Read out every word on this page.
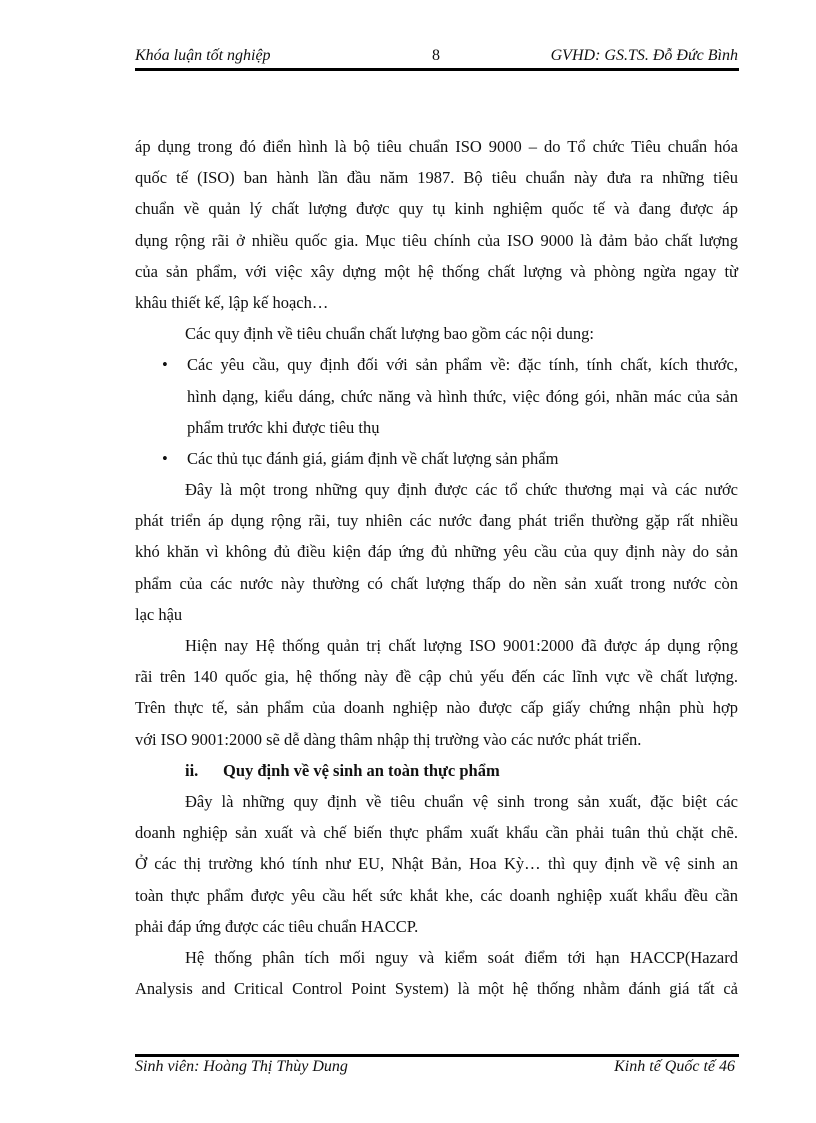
Khóa luận tốt nghiệp	8	GVHD: GS.TS. Đỗ Đức Bình
áp dụng trong đó điển hình là bộ tiêu chuẩn ISO 9000 – do Tổ chức Tiêu chuẩn hóa
quốc tế (ISO) ban hành lần đầu năm 1987. Bộ tiêu chuẩn này đưa ra những tiêu
chuẩn về quản lý chất lượng được quy tụ kinh nghiệm quốc tế và đang được áp
dụng rộng rãi ở nhiều quốc gia. Mục tiêu chính của ISO 9000 là đảm bảo chất lượng
của sản phẩm, với việc xây dựng một hệ thống chất lượng và phòng ngừa ngay từ
khâu thiết kế, lập kế hoạch…
Các quy định về tiêu chuẩn chất lượng bao gồm các nội dung:
• Các yêu cầu, quy định đối với sản phẩm về: đặc tính, tính chất, kích thước,
hình dạng, kiểu dáng, chức năng và hình thức, việc đóng gói, nhãn mác của sản
phẩm trước khi được tiêu thụ
• Các thủ tục đánh giá, giám định về chất lượng sản phẩm
Đây là một trong những quy định được các tổ chức thương mại và các nước
phát triển áp dụng rộng rãi, tuy nhiên các nước đang phát triển thường gặp rất nhiều
khó khăn vì không đủ điều kiện đáp ứng đủ những yêu cầu của quy định này do sản
phẩm của các nước này thường có chất lượng thấp do nền sản xuất trong nước còn
lạc hậu
Hiện nay Hệ thống quản trị chất lượng ISO 9001:2000 đã được áp dụng rộng
rãi trên 140 quốc gia, hệ thống này đề cập chủ yếu đến các lĩnh vực về chất lượng.
Trên thực tế, sản phẩm của doanh nghiệp nào được cấp giấy chứng nhận phù hợp
với ISO 9001:2000 sẽ dễ dàng thâm nhập thị trường vào các nước phát triển.
ii. Quy định về vệ sinh an toàn thực phẩm
Đây là những quy định về tiêu chuẩn vệ sinh trong sản xuất, đặc biệt các
doanh nghiệp sản xuất và chế biến thực phẩm xuất khẩu cần phải tuân thủ chặt chẽ.
Ở các thị trường khó tính như EU, Nhật Bản, Hoa Kỳ… thì quy định về vệ sinh an
toàn thực phẩm được yêu cầu hết sức khắt khe, các doanh nghiệp xuất khẩu đều cần
phải đáp ứng được các tiêu chuẩn HACCP.
Hệ thống phân tích mối nguy và kiểm soát điểm tới hạn HACCP(Hazard
Analysis and Critical Control Point System) là một hệ thống nhằm đánh giá tất cả
Sinh viên: Hoàng Thị Thùy Dung	Kinh tế Quốc tế 46
